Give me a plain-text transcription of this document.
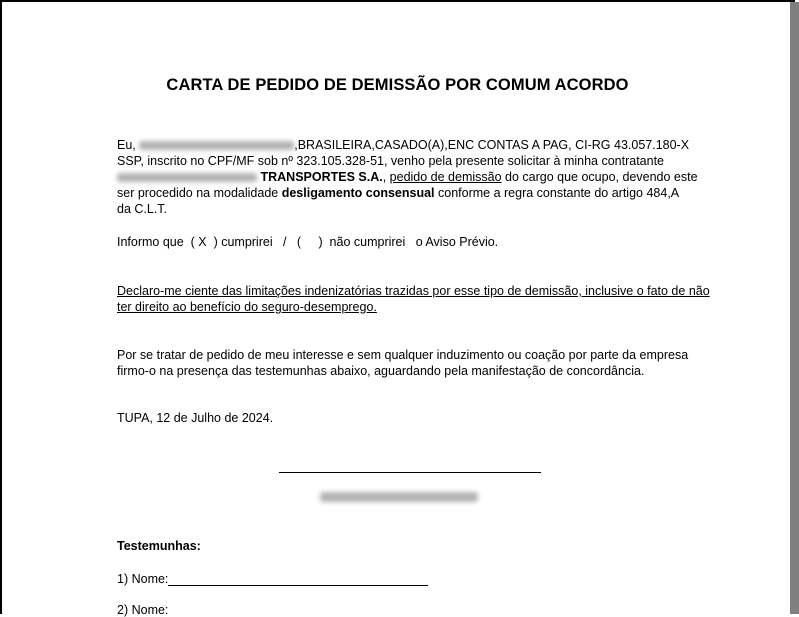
CARTA DE PEDIDO DE DEMISSÃO POR COMUM ACORDO
Eu,	,BRASILEIRA,CASADO(A),ENC CONTAS A PAG, CI-RG 43.057.180-X
SSP, inscrito no CPF/MF sob nº 323.105.328-51, venho pela presente solicitar à minha contratante
TRANSPORTES S.A., pedido de demissão do cargo que ocupo, devendo este
ser procedido na modalidade desligamento consensual conforme a regra constante do artigo 484,A
da C.L.T.
Informo que  ( X  ) cumprirei   /   (     )  não cumprirei   o Aviso Prévio.
Declaro-me ciente das limitações indenizatórias trazidas por esse tipo de demissão, inclusive o fato de não ter direito ao benefício do seguro-desemprego.
Por se tratar de pedido de meu interesse e sem qualquer induzimento ou coação por parte da empresa firmo-o na presença das testemunhas abaixo, aguardando pela manifestação de concordância.
TUPA, 12 de Julho de 2024.
Testemunhas:
1) Nome:
2) Nome:
